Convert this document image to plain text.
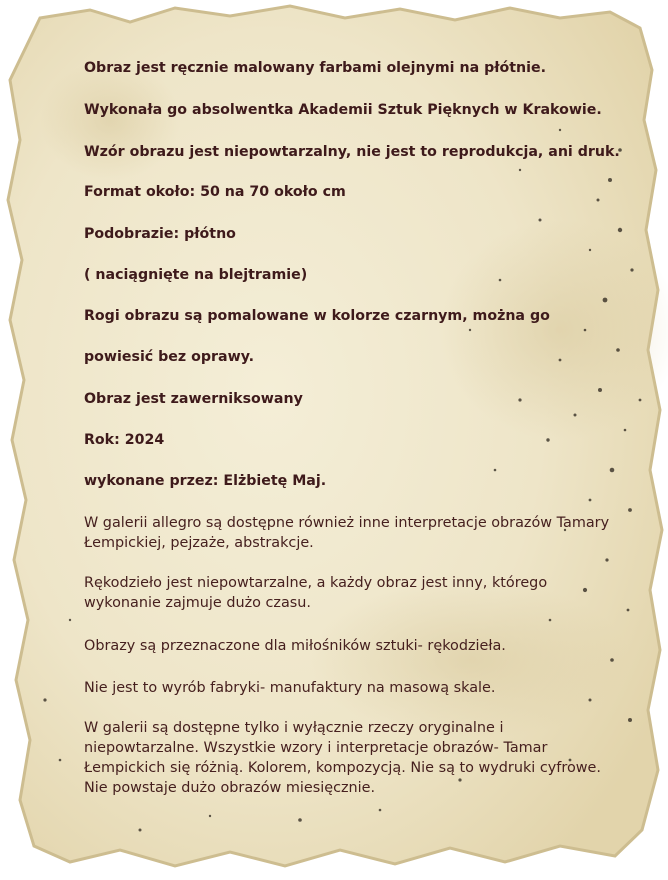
Obraz jest ręcznie malowany farbami olejnymi na płótnie.
Wykonała go absolwentka Akademii Sztuk Pięknych w Krakowie.
Wzór obrazu jest niepowtarzalny, nie jest to reprodukcja, ani druk.
Format około: 50 na 70 około cm
Podobrazie: płótno
( naciągnięte na blejtramie)
Rogi obrazu są pomalowane w kolorze czarnym, można go
powiesić bez oprawy.
Obraz jest zawerniksowany
Rok: 2024
wykonane przez: Elżbietę Maj.
W galerii allegro są dostępne również inne interpretacje obrazów Tamary
Łempickiej, pejzaże, abstrakcje.
Rękodzieło jest niepowtarzalne, a każdy obraz jest inny, którego
wykonanie zajmuje dużo czasu.
Obrazy są przeznaczone dla miłośników sztuki- rękodzieła.
Nie jest to wyrób fabryki- manufaktury na masową skale.
W galerii są dostępne tylko i wyłącznie rzeczy oryginalne i
niepowtarzalne. Wszystkie wzory i interpretacje obrazów- Tamar
Łempickich się różnią. Kolorem, kompozycją. Nie są to wydruki cyfrowe.
Nie powstaje dużo obrazów miesięcznie.
